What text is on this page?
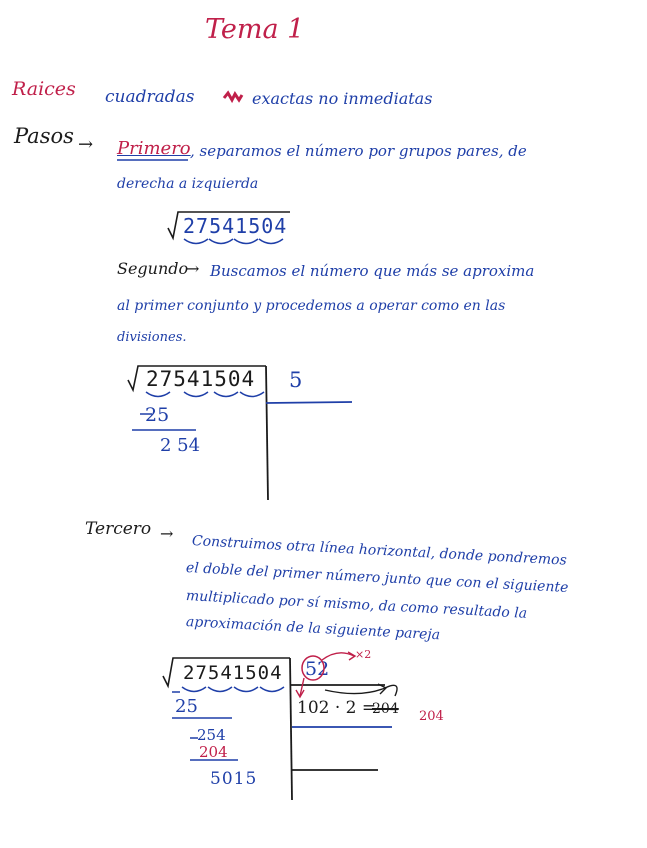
Tema 1
Raices cuadradas	exactas no inmediatas
Pasos → Primero , separamos el número por grupos pares, de
derecha a izquierda
27541504
Segundo
→ Buscamos el número que más se aproxima
al primer conjunto y procedemos a operar como en las
divisiones.
27541504 5
25
2 54
Tercero → Construimos otra línea horizontal, donde pondremos
el doble del primer número junto que con el siguiente
multiplicado por sí mismo, da como resultado la
aproximación de la siguiente pareja
27541504 52
×2
25
254
204
5015
102 · 2 =
204 204
